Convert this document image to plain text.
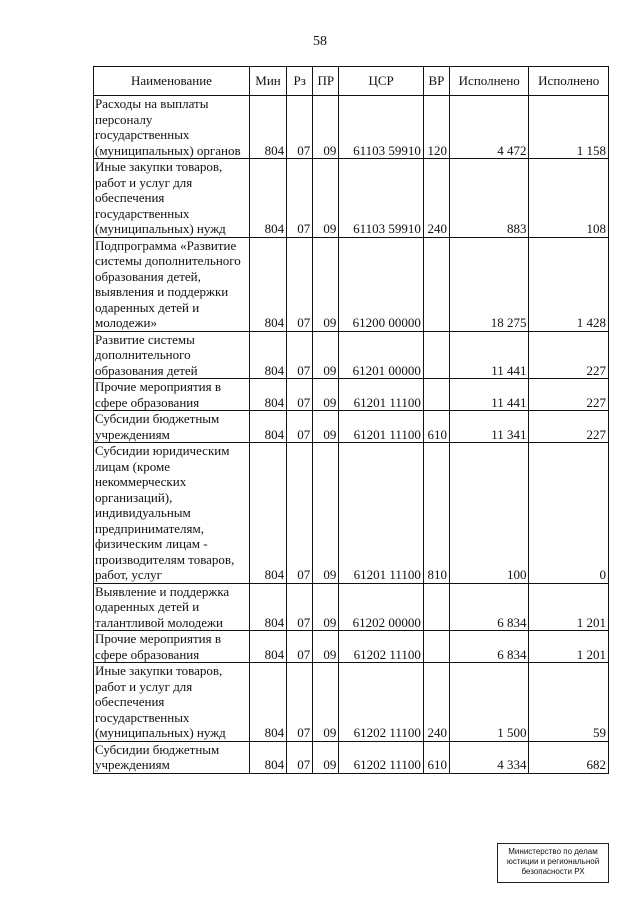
58
Наименование	Мин	Рз	ПР	ЦСР	ВР	Исполнено	Исполнено
Расходы на выплаты персоналу государственных (муниципальных) органов	804	07	09	61103 59910	120	4 472	1 158
Иные закупки товаров, работ и услуг для обеспечения государственных (муниципальных) нужд	804	07	09	61103 59910	240	883	108
Подпрограмма «Развитие системы дополнительного образования детей, выявления и поддержки одаренных детей и молодежи»	804	07	09	61200 00000		18 275	1 428
Развитие системы дополнительного образования детей	804	07	09	61201 00000		11 441	227
Прочие мероприятия в сфере образования	804	07	09	61201 11100		11 441	227
Субсидии бюджетным учреждениям	804	07	09	61201 11100	610	11 341	227
Субсидии юридическим лицам (кроме некоммерческих организаций), индивидуальным предпринимателям, физическим лицам - производителям товаров, работ, услуг	804	07	09	61201 11100	810	100	0
Выявление и поддержка одаренных детей и талантливой молодежи	804	07	09	61202 00000		6 834	1 201
Прочие мероприятия в сфере образования	804	07	09	61202 11100		6 834	1 201
Иные закупки товаров, работ и услуг для обеспечения государственных (муниципальных) нужд	804	07	09	61202 11100	240	1 500	59
Субсидии бюджетным учреждениям	804	07	09	61202 11100	610	4 334	682
Министерство по делам
юстиции и региональной
безопасности РХ
